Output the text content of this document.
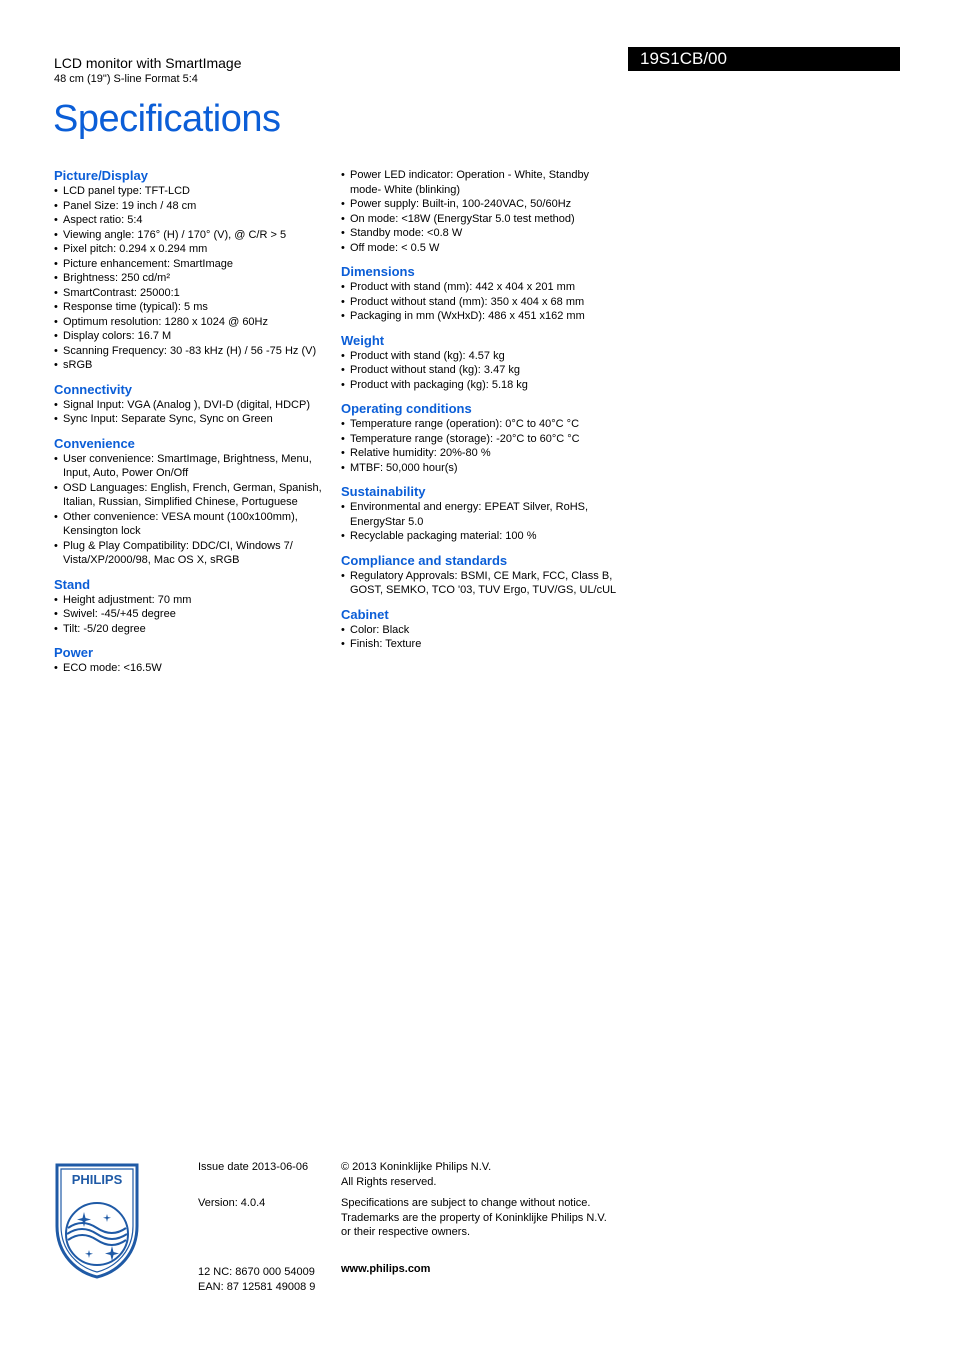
LCD monitor with SmartImage
48 cm (19") S-line Format 5:4
Specifications
19S1CB/00
Picture/Display
• LCD panel type: TFT-LCD
• Panel Size: 19 inch / 48 cm
• Aspect ratio: 5:4
• Viewing angle: 176° (H) / 170° (V), @ C/R > 5
• Pixel pitch: 0.294 x 0.294 mm
• Picture enhancement: SmartImage
• Brightness: 250 cd/m²
• SmartContrast: 25000:1
• Response time (typical): 5 ms
• Optimum resolution: 1280 x 1024 @ 60Hz
• Display colors: 16.7 M
• Scanning Frequency: 30 -83 kHz (H) / 56 -75 Hz (V)
• sRGB
Connectivity
• Signal Input: VGA (Analog ), DVI-D (digital, HDCP)
• Sync Input: Separate Sync, Sync on Green
Convenience
• User convenience: SmartImage, Brightness, Menu, Input, Auto, Power On/Off
• OSD Languages: English, French, German, Spanish, Italian, Russian, Simplified Chinese, Portuguese
• Other convenience: VESA mount (100x100mm), Kensington lock
• Plug & Play Compatibility: DDC/CI, Windows 7/ Vista/XP/2000/98, Mac OS X, sRGB
Stand
• Height adjustment: 70 mm
• Swivel: -45/+45 degree
• Tilt: -5/20 degree
Power
• ECO mode: <16.5W
• Power LED indicator: Operation - White, Standby mode- White (blinking)
• Power supply: Built-in, 100-240VAC, 50/60Hz
• On mode: <18W (EnergyStar 5.0 test method)
• Standby mode: <0.8 W
• Off mode: < 0.5 W
Dimensions
• Product with stand (mm): 442 x 404 x 201 mm
• Product without stand (mm): 350 x 404 x 68 mm
• Packaging in mm (WxHxD): 486 x 451 x162 mm
Weight
• Product with stand (kg): 4.57 kg
• Product without stand (kg): 3.47 kg
• Product with packaging (kg): 5.18 kg
Operating conditions
• Temperature range (operation): 0°C to 40°C °C
• Temperature range (storage): -20°C to 60°C °C
• Relative humidity: 20%-80 %
• MTBF: 50,000 hour(s)
Sustainability
• Environmental and energy: EPEAT Silver, RoHS, EnergyStar 5.0
• Recyclable packaging material: 100 %
Compliance and standards
• Regulatory Approvals: BSMI, CE Mark, FCC, Class B, GOST, SEMKO, TCO '03, TUV Ergo, TUV/GS, UL/cUL
Cabinet
• Color: Black
• Finish: Texture
PHILIPS
Issue date 2013-06-06
Version: 4.0.4
12 NC: 8670 000 54009
EAN: 87 12581 49008 9
© 2013 Koninklijke Philips N.V.
All Rights reserved.
Specifications are subject to change without notice.
Trademarks are the property of Koninklijke Philips N.V.
or their respective owners.
www.philips.com
